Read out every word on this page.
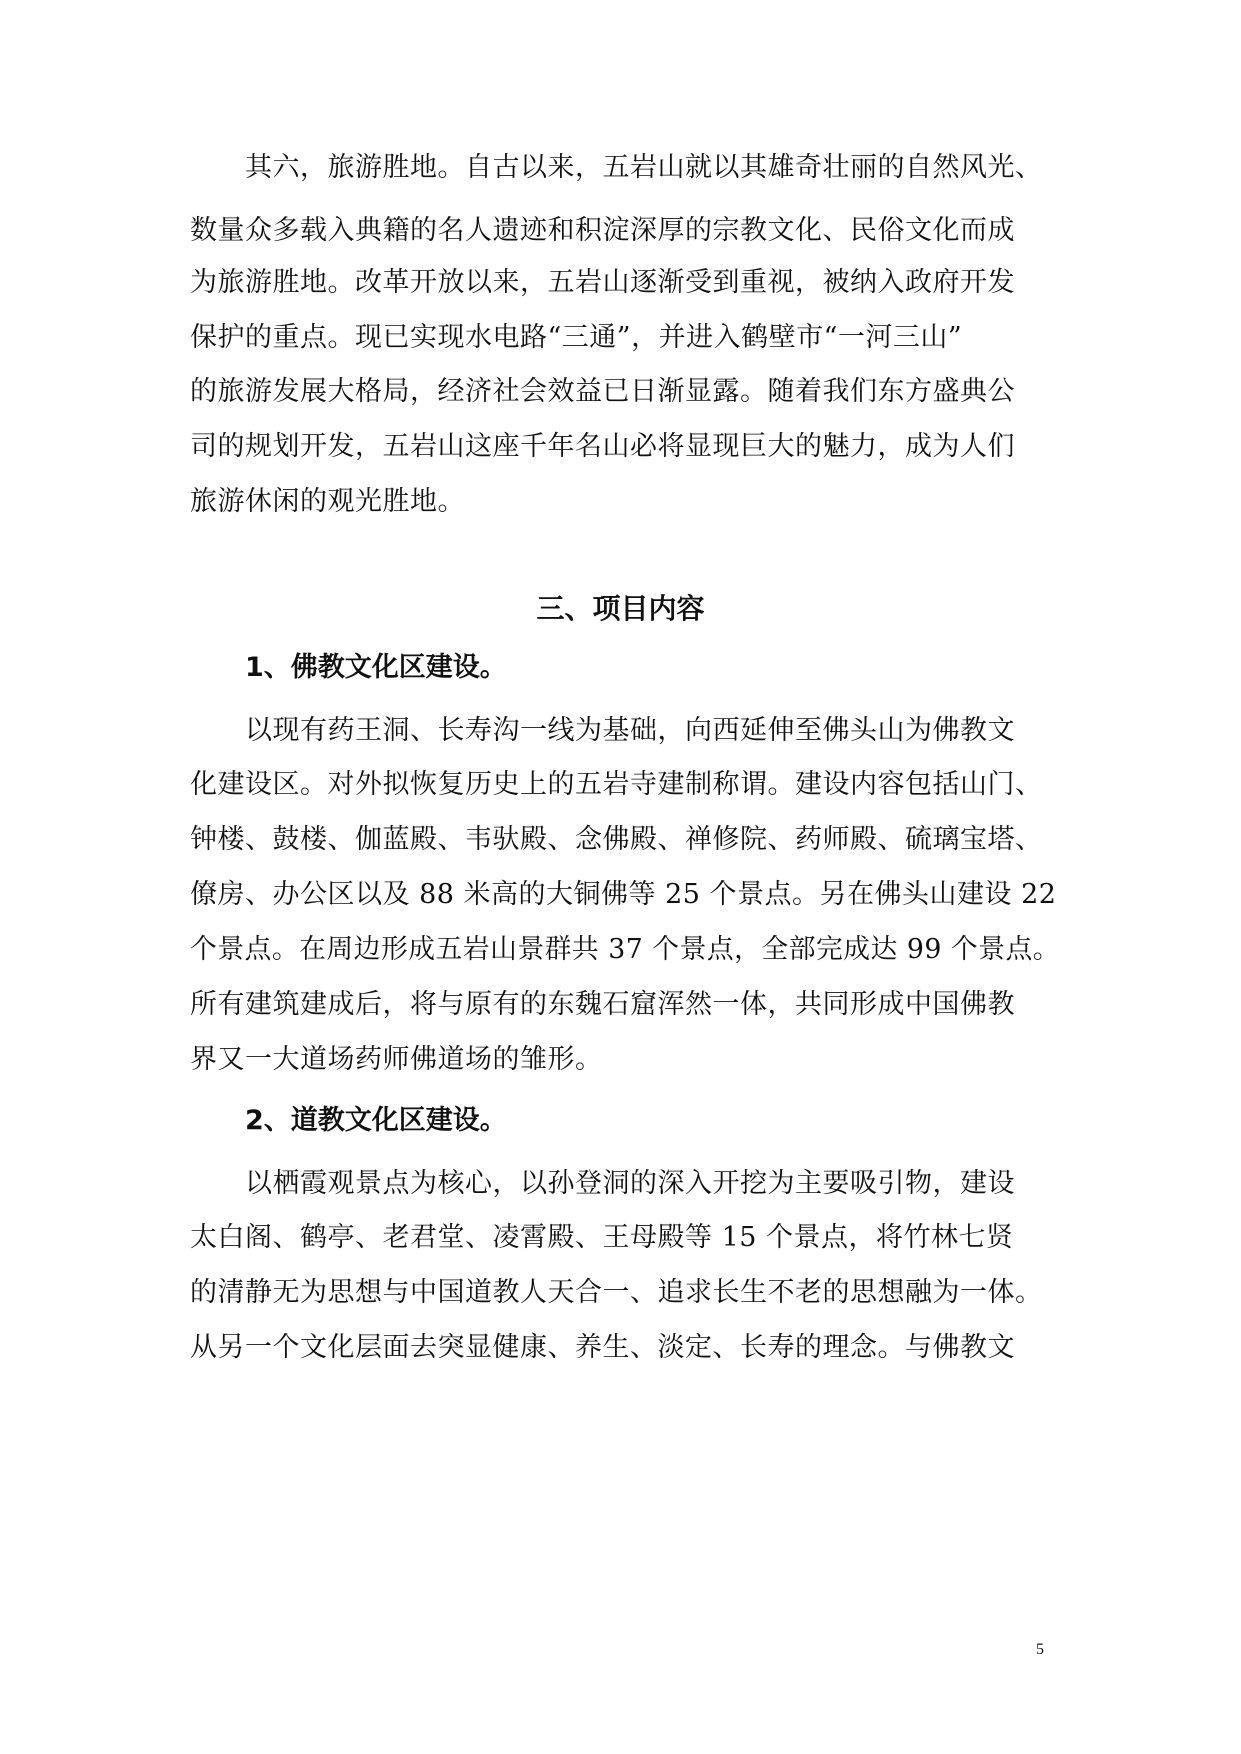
其六，旅游胜地。自古以来，五岩山就以其雄奇壮丽的自然风光、
数量众多载入典籍的名人遗迹和积淀深厚的宗教文化、民俗文化而成
为旅游胜地。改革开放以来，五岩山逐渐受到重视，被纳入政府开发
保护的重点。现已实现水电路“三通”，并进入鹤壁市“一河三山”
的旅游发展大格局，经济社会效益已日渐显露。随着我们东方盛典公
司的规划开发，五岩山这座千年名山必将显现巨大的魅力，成为人们
旅游休闲的观光胜地。
三、项目内容
1、佛教文化区建设。
以现有药王洞、长寿沟一线为基础，向西延伸至佛头山为佛教文
化建设区。对外拟恢复历史上的五岩寺建制称谓。建设内容包括山门、
钟楼、鼓楼、伽蓝殿、韦驮殿、念佛殿、禅修院、药师殿、硫璃宝塔、
僚房、办公区以及 88 米高的大铜佛等 25 个景点。另在佛头山建设 22
个景点。在周边形成五岩山景群共 37 个景点，全部完成达 99 个景点。
所有建筑建成后，将与原有的东魏石窟浑然一体，共同形成中国佛教
界又一大道场药师佛道场的雏形。
2、道教文化区建设。
以栖霞观景点为核心，以孙登洞的深入开挖为主要吸引物，建设
太白阁、鹤亭、老君堂、凌霄殿、王母殿等 15 个景点，将竹林七贤
的清静无为思想与中国道教人天合一、追求长生不老的思想融为一体。
从另一个文化层面去突显健康、养生、淡定、长寿的理念。与佛教文
5
